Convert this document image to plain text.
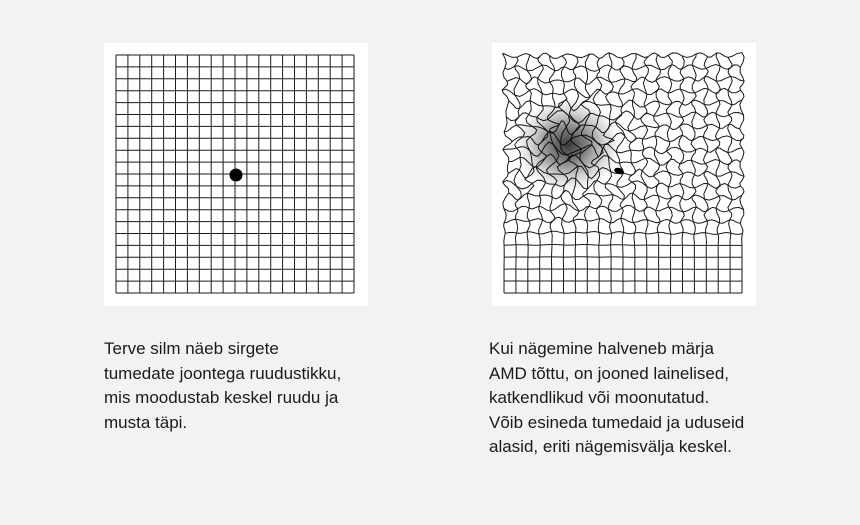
Terve silm näeb sirgete
tumedate joontega ruudustikku,
mis moodustab keskel ruudu ja
musta täpi.

Kui nägemine halveneb märja
AMD tõttu, on jooned lainelised,
katkendlikud või moonutatud.
Võib esineda tumedaid ja uduseid
alasid, eriti nägemisvälja keskel.
